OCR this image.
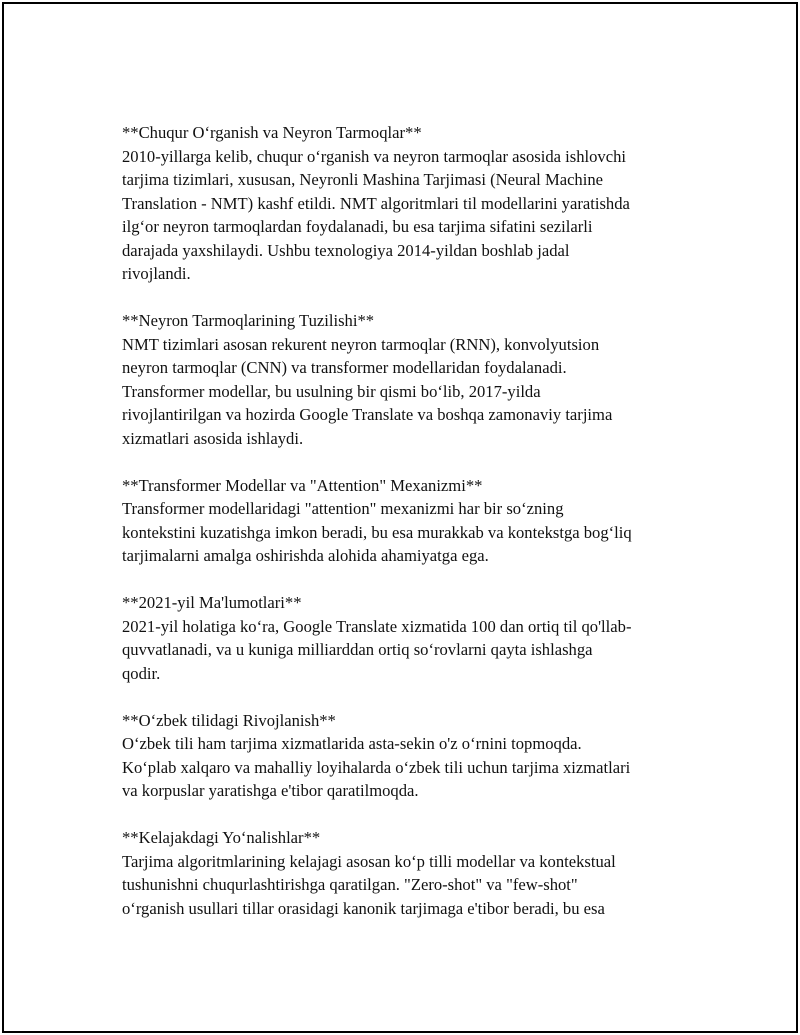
**Chuqur O‘rganish va Neyron Tarmoqlar**

2010-yillarga kelib, chuqur o‘rganish va neyron tarmoqlar asosida ishlovchi
tarjima tizimlari, xususan, Neyronli Mashina Tarjimasi (Neural Machine
Translation - NMT) kashf etildi. NMT algoritmlari til modellarini yaratishda
ilg‘or neyron tarmoqlardan foydalanadi, bu esa tarjima sifatini sezilarli
darajada yaxshilaydi. Ushbu texnologiya 2014-yildan boshlab jadal
rivojlandi.

**Neyron Tarmoqlarining Tuzilishi**

NMT tizimlari asosan rekurent neyron tarmoqlar (RNN), konvolyutsion
neyron tarmoqlar (CNN) va transformer modellaridan foydalanadi.
Transformer modellar, bu usulning bir qismi bo‘lib, 2017-yilda
rivojlantirilgan va hozirda Google Translate va boshqa zamonaviy tarjima
xizmatlari asosida ishlaydi.

**Transformer Modellar va "Attention" Mexanizmi**

Transformer modellaridagi "attention" mexanizmi har bir so‘zning
kontekstini kuzatishga imkon beradi, bu esa murakkab va kontekstga bog‘liq
tarjimalarni amalga oshirishda alohida ahamiyatga ega.

**2021-yil Ma'lumotlari**

2021-yil holatiga ko‘ra, Google Translate xizmatida 100 dan ortiq til qo'llab-
quvvatlanadi, va u kuniga milliarddan ortiq so‘rovlarni qayta ishlashga
qodir.

**O‘zbek tilidagi Rivojlanish**

O‘zbek tili ham tarjima xizmatlarida asta-sekin o'z o‘rnini topmoqda.
Ko‘plab xalqaro va mahalliy loyihalarda o‘zbek tili uchun tarjima xizmatlari
va korpuslar yaratishga e'tibor qaratilmoqda.

**Kelajakdagi Yo‘nalishlar**

Tarjima algoritmlarining kelajagi asosan ko‘p tilli modellar va kontekstual
tushunishni chuqurlashtirishga qaratilgan. "Zero-shot" va "few-shot"
o‘rganish usullari tillar orasidagi kanonik tarjimaga e'tibor beradi, bu esa
